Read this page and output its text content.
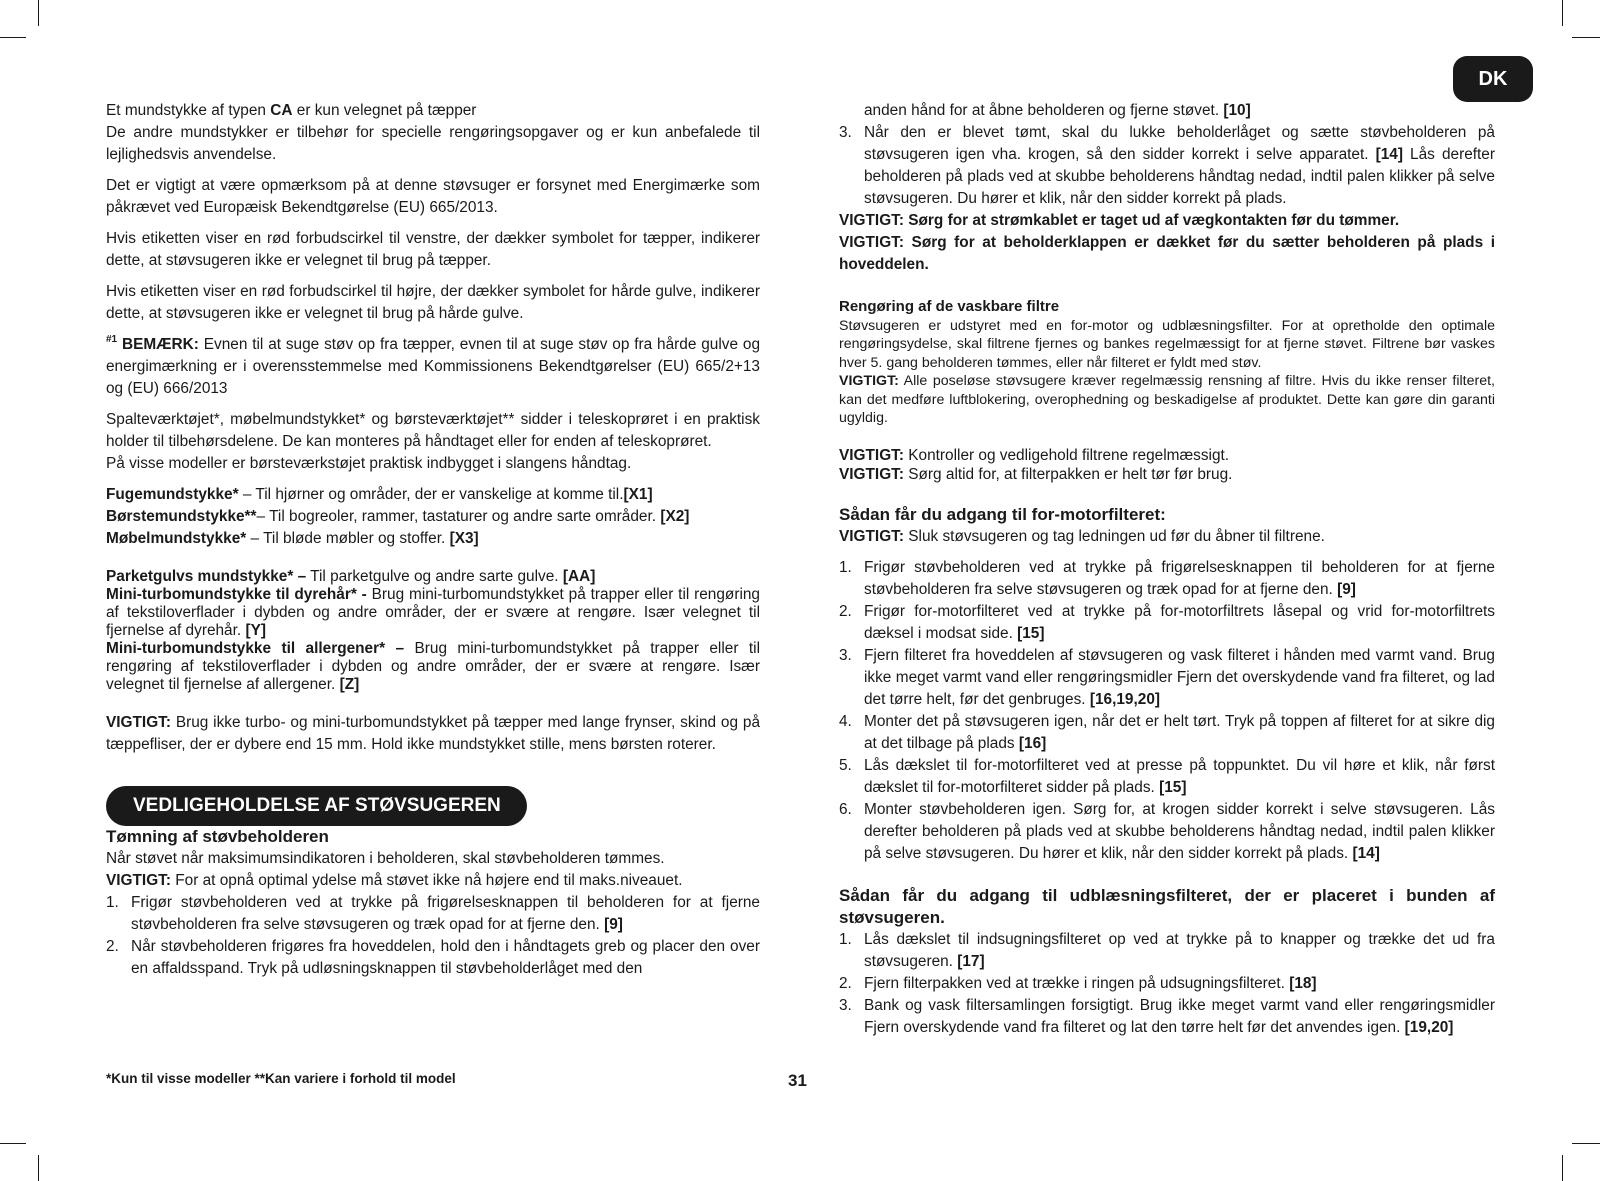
DK

Et mundstykke af typen CA er kun velegnet på tæpper

De andre mundstykker er tilbehør for specielle rengøringsopgaver og er kun anbefalede til lejlighedsvis anvendelse.

Det er vigtigt at være opmærksom på at denne støvsuger er forsynet med Energimærke som påkrævet ved Europæisk Bekendtgørelse (EU) 665/2013.

Hvis etiketten viser en rød forbudscirkel til venstre, der dækker symbolet for tæpper, indikerer dette, at støvsugeren ikke er velegnet til brug på tæpper.

Hvis etiketten viser en rød forbudscirkel til højre, der dækker symbolet for hårde gulve, indikerer dette, at støvsugeren ikke er velegnet til brug på hårde gulve.

$^{\#1}$ BEMÆRK: Evnen til at suge støv op fra tæpper, evnen til at suge støv op fra hårde gulve og energimærkning er i overensstemmelse med Kommissionens Bekendtgørelser (EU) 665/2+13 og (EU) 666/2013

Spalteværktøjet*, møbelmundstykket* og børsteværktøjet** sidder i teleskoprøret i en praktisk holder til tilbehørsdelene. De kan monteres på håndtaget eller for enden af teleskoprøret.

På visse modeller er børsteværkstøjet praktisk indbygget i slangens håndtag.

Fugemundstykke* – Til hjørner og områder, der er vanskelige at komme til.[X1]

Børstemundstykke**– Til bogreoler, rammer, tastaturer og andre sarte områder. [X2]

Møbelmundstykke* – Til bløde møbler og stoffer. [X3]

Parketgulvs mundstykke* – Til parketgulve og andre sarte gulve. [AA]

Mini-turbomundstykke til dyrehår* - Brug mini-turbomundstykket på trapper eller til rengøring af tekstiloverflader i dybden og andre områder, der er svære at rengøre. Især velegnet til fjernelse af dyrehår. [Y]

Mini-turbomundstykke til allergener* – Brug mini-turbomundstykket på trapper eller til rengøring af tekstiloverflader i dybden og andre områder, der er svære at rengøre. Især velegnet til fjernelse af allergener. [Z]

VIGTIGT: Brug ikke turbo- og mini-turbomundstykket på tæpper med lange frynser, skind og på tæppefliser, der er dybere end 15 mm. Hold ikke mundstykket stille, mens børsten roterer.

VEDLIGEHOLDELSE AF STØVSUGEREN
Tømning af støvbeholderen

Når støvet når maksimumsindikatoren i beholderen, skal støvbeholderen tømmes.

VIGTIGT: For at opnå optimal ydelse må støvet ikke nå højere end til maks.niveauet.

1. Frigør støvbeholderen ved at trykke på frigørelsesknappen til beholderen for at fjerne støvbeholderen fra selve støvsugeren og træk opad for at fjerne den. [9]
2. Når støvbeholderen frigøres fra hoveddelen, hold den i håndtagets greb og placer den over en affaldsspand. Tryk på udløsningsknappen til støvbeholderlåget med den
anden hånd for at åbne beholderen og fjerne støvet. [10]
3. Når den er blevet tømt, skal du lukke beholderlåget og sætte støvbeholderen på støvsugeren igen vha. krogen, så den sidder korrekt i selve apparatet. [14] Lås derefter beholderen på plads ved at skubbe beholderens håndtag nedad, indtil palen klikker på selve støvsugeren. Du hører et klik, når den sidder korrekt på plads.

VIGTIGT: Sørg for at strømkablet er taget ud af vægkontakten før du tømmer.

VIGTIGT: Sørg for at beholderklappen er dækket før du sætter beholderen på plads i hoveddelen.

Rengøring af de vaskbare filtre

Støvsugeren er udstyret med en for-motor og udblæsningsfilter. For at opretholde den optimale rengøringsydelse, skal filtrene fjernes og bankes regelmæssigt for at fjerne støvet. Filtrene bør vaskes hver 5. gang beholderen tømmes, eller når filteret er fyldt med støv.

VIGTIGT: Alle poseløse støvsugere kræver regelmæssig rensning af filtre. Hvis du ikke renser filteret, kan det medføre luftblokering, overophedning og beskadigelse af produktet. Dette kan gøre din garanti ugyldig.

VIGTIGT: Kontroller og vedligehold filtrene regelmæssigt.

VIGTIGT: Sørg altid for, at filterpakken er helt tør før brug.

Sådan får du adgang til for-motorfilteret:

VIGTIGT: Sluk støvsugeren og tag ledningen ud før du åbner til filtrene.

1. Frigør støvbeholderen ved at trykke på frigørelsesknappen til beholderen for at fjerne støvbeholderen fra selve støvsugeren og træk opad for at fjerne den. [9]
2. Frigør for-motorfilteret ved at trykke på for-motorfiltrets låsepal og vrid for-motorfiltrets dæksel i modsat side. [15]
3. Fjern filteret fra hoveddelen af støvsugeren og vask filteret i hånden med varmt vand. Brug ikke meget varmt vand eller rengøringsmidler Fjern det overskydende vand fra filteret, og lad det tørre helt, før det genbruges. [16,19,20]
4. Monter det på støvsugeren igen, når det er helt tørt. Tryk på toppen af filteret for at sikre dig at det tilbage på plads [16]
5. Lås dækslet til for-motorfilteret ved at presse på toppunktet. Du vil høre et klik, når først dækslet til for-motorfilteret sidder på plads. [15]
6. Monter støvbeholderen igen. Sørg for, at krogen sidder korrekt i selve støvsugeren. Lås derefter beholderen på plads ved at skubbe beholderens håndtag nedad, indtil palen klikker på selve støvsugeren. Du hører et klik, når den sidder korrekt på plads. [14]
Sådan får du adgang til udblæsningsfilteret, der er placeret i bunden af støvsugeren.
1. Lås dækslet til indsugningsfilteret op ved at trykke på to knapper og trække det ud fra støvsugeren. [17]
2. Fjern filterpakken ved at trække i ringen på udsugningsfilteret. [18]
3. Bank og vask filtersamlingen forsigtigt. Brug ikke meget varmt vand eller rengøringsmidler Fjern overskydende vand fra filteret og lat den tørre helt før det anvendes igen. [19,20]
*Kun til visse modeller **Kan variere i forhold til model	31
